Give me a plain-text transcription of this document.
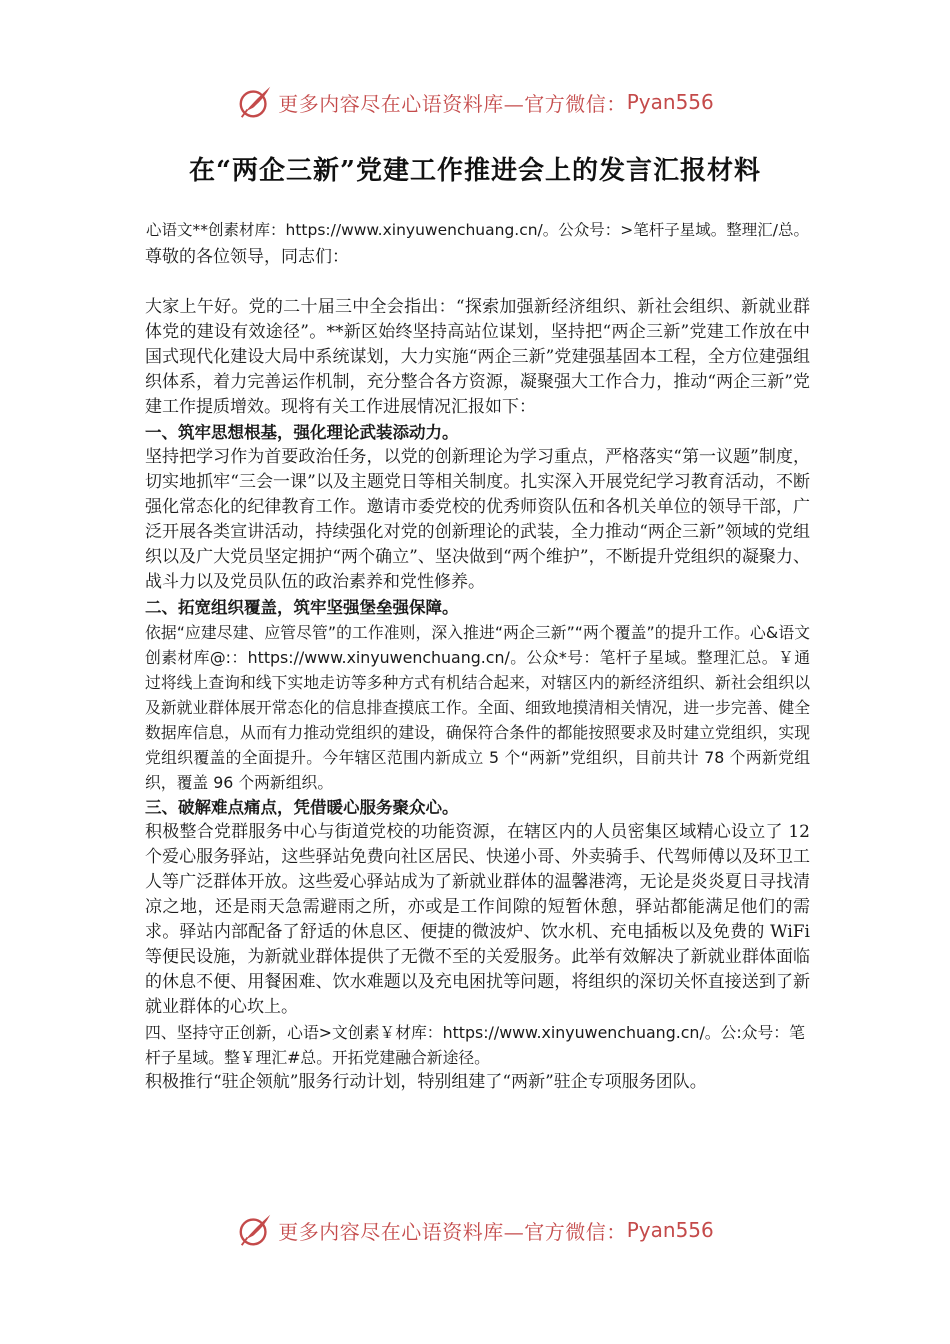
更多内容尽在心语资料库—官方微信： Pyan556
在“两企三新”党建工作推进会上的发言汇报材料

心语文**创素材库：https://www.xinyuwenchuang.cn/。公众号：>笔杆子星域。整理汇/总。

尊敬的各位领导，同志们：

大家上午好。党的二十届三中全会指出：“探索加强新经济组织、新社会组织、新就业群体党的建设有效途径”。**新区始终坚持高站位谋划，坚持把“两企三新”党建工作放在中国式现代化建设大局中系统谋划，大力实施“两企三新”党建强基固本工程，全方位建强组织体系，着力完善运作机制，充分整合各方资源，凝聚强大工作合力，推动“两企三新”党建工作提质增效。现将有关工作进展情况汇报如下：

一、筑牢思想根基，强化理论武装添动力。

坚持把学习作为首要政治任务，以党的创新理论为学习重点，严格落实“第一议题”制度，切实地抓牢“三会一课”以及主题党日等相关制度。扎实深入开展党纪学习教育活动，不断强化常态化的纪律教育工作。邀请市委党校的优秀师资队伍和各机关单位的领导干部，广泛开展各类宣讲活动，持续强化对党的创新理论的武装，全力推动“两企三新”领域的党组织以及广大党员坚定拥护“两个确立”、坚决做到“两个维护”，不断提升党组织的凝聚力、战斗力以及党员队伍的政治素养和党性修养。

二、拓宽组织覆盖，筑牢坚强堡垒强保障。

依据“应建尽建、应管尽管”的工作准则，深入推进“两企三新”“两个覆盖”的提升工作。心&语文创素材库@:：https://www.xinyuwenchuang.cn/。公众*号：笔杆子星域。整理汇总。￥通过将线上查询和线下实地走访等多种方式有机结合起来，对辖区内的新经济组织、新社会组织以及新就业群体展开常态化的信息排查摸底工作。全面、细致地摸清相关情况，进一步完善、健全数据库信息，从而有力推动党组织的建设，确保符合条件的都能按照要求及时建立党组织，实现党组织覆盖的全面提升。今年辖区范围内新成立 5 个“两新”党组织，目前共计 78 个两新党组织，覆盖 96 个两新组织。

三、破解难点痛点，凭借暖心服务聚众心。

积极整合党群服务中心与街道党校的功能资源，在辖区内的人员密集区域精心设立了 12 个爱心服务驿站，这些驿站免费向社区居民、快递小哥、外卖骑手、代驾师傅以及环卫工人等广泛群体开放。这些爱心驿站成为了新就业群体的温馨港湾，无论是炎炎夏日寻找清凉之地，还是雨天急需避雨之所，亦或是工作间隙的短暂休憩，驿站都能满足他们的需求。驿站内部配备了舒适的休息区、便捷的微波炉、饮水机、充电插板以及免费的 WiFi 等便民设施，为新就业群体提供了无微不至的关爱服务。此举有效解决了新就业群体面临的休息不便、用餐困难、饮水难题以及充电困扰等问题，将组织的深切关怀直接送到了新就业群体的心坎上。

四、坚持守正创新，心语>文创素￥材库：https://www.xinyuwenchuang.cn/。公:众号：笔杆子星域。整￥理汇#总。开拓党建融合新途径。

积极推行“驻企领航”服务行动计划，特别组建了“两新”驻企专项服务团队。

更多内容尽在心语资料库—官方微信： Pyan556
